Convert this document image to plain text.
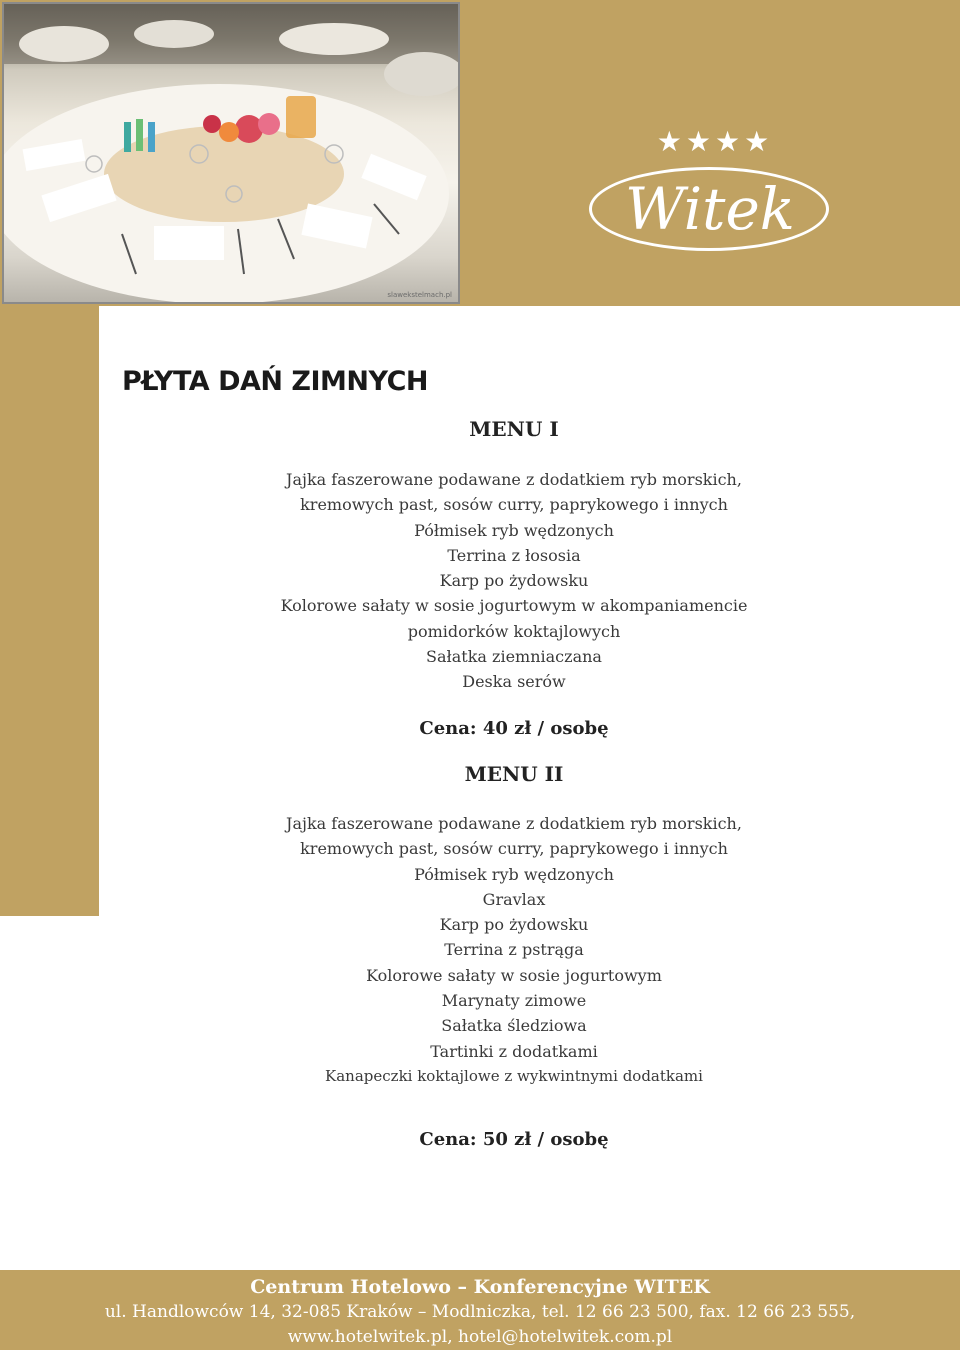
slawekstelmach.pl
★★★★
Witek
PŁYTA DAŃ ZIMNYCH

MENU I

Jajka faszerowane podawane z dodatkiem ryb morskich,

kremowych past, sosów curry, paprykowego i innych

Półmisek ryb wędzonych

Terrina z łososia

Karp po żydowsku

Kolorowe sałaty w sosie jogurtowym w akompaniamencie

pomidorków koktajlowych

Sałatka ziemniaczana

Deska serów

Cena: 40 zł / osobę

MENU II

Jajka faszerowane podawane z dodatkiem ryb morskich,

kremowych past, sosów curry, paprykowego i innych

Półmisek ryb wędzonych

Gravlax

Karp po żydowsku

Terrina z pstrąga

Kolorowe sałaty w sosie jogurtowym

Marynaty zimowe

Sałatka śledziowa

Tartinki z dodatkami

Kanapeczki koktajlowe z wykwintnymi dodatkami

Cena: 50 zł / osobę

Centrum Hotelowo – Konferencyjne WITEK
ul. Handlowców 14, 32-085 Kraków – Modlniczka, tel. 12 66 23 500, fax. 12 66 23 555,
www.hotelwitek.pl, hotel@hotelwitek.com.pl
